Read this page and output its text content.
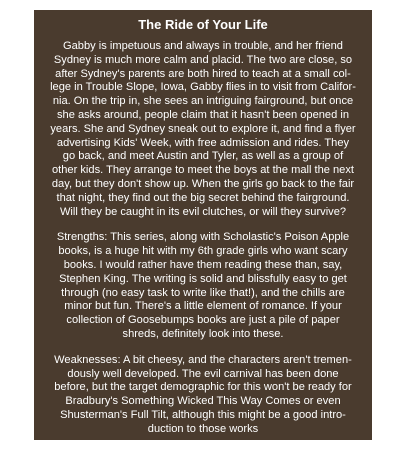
The Ride of Your Life

Gabby is impetuous and always in trouble, and her friend
Sydney is much more calm and placid. The two are close, so
after Sydney's parents are both hired to teach at a small col-
lege in Trouble Slope, Iowa, Gabby flies in to visit from Califor-
nia. On the trip in, she sees an intriguing fairground, but once
she asks around, people claim that it hasn't been opened in
years. She and Sydney sneak out to explore it, and find a flyer
advertising Kids' Week, with free admission and rides. They
go back, and meet Austin and Tyler, as well as a group of
other kids. They arrange to meet the boys at the mall the next
day, but they don't show up. When the girls go back to the fair
that night, they find out the big secret behind the fairground.
Will they be caught in its evil clutches, or will they survive?

Strengths: This series, along with Scholastic's Poison Apple
books, is a huge hit with my 6th grade girls who want scary
books. I would rather have them reading these than, say,
Stephen King. The writing is solid and blissfully easy to get
through (no easy task to write like that!), and the chills are
minor but fun. There's a little element of romance. If your
collection of Goosebumps books are just a pile of paper
shreds, definitely look into these.

Weaknesses: A bit cheesy, and the characters aren't tremen-
dously well developed. The evil carnival has been done
before, but the target demographic for this won't be ready for
Bradbury's Something Wicked This Way Comes or even
Shusterman's Full Tilt, although this might be a good intro-
duction to those works
